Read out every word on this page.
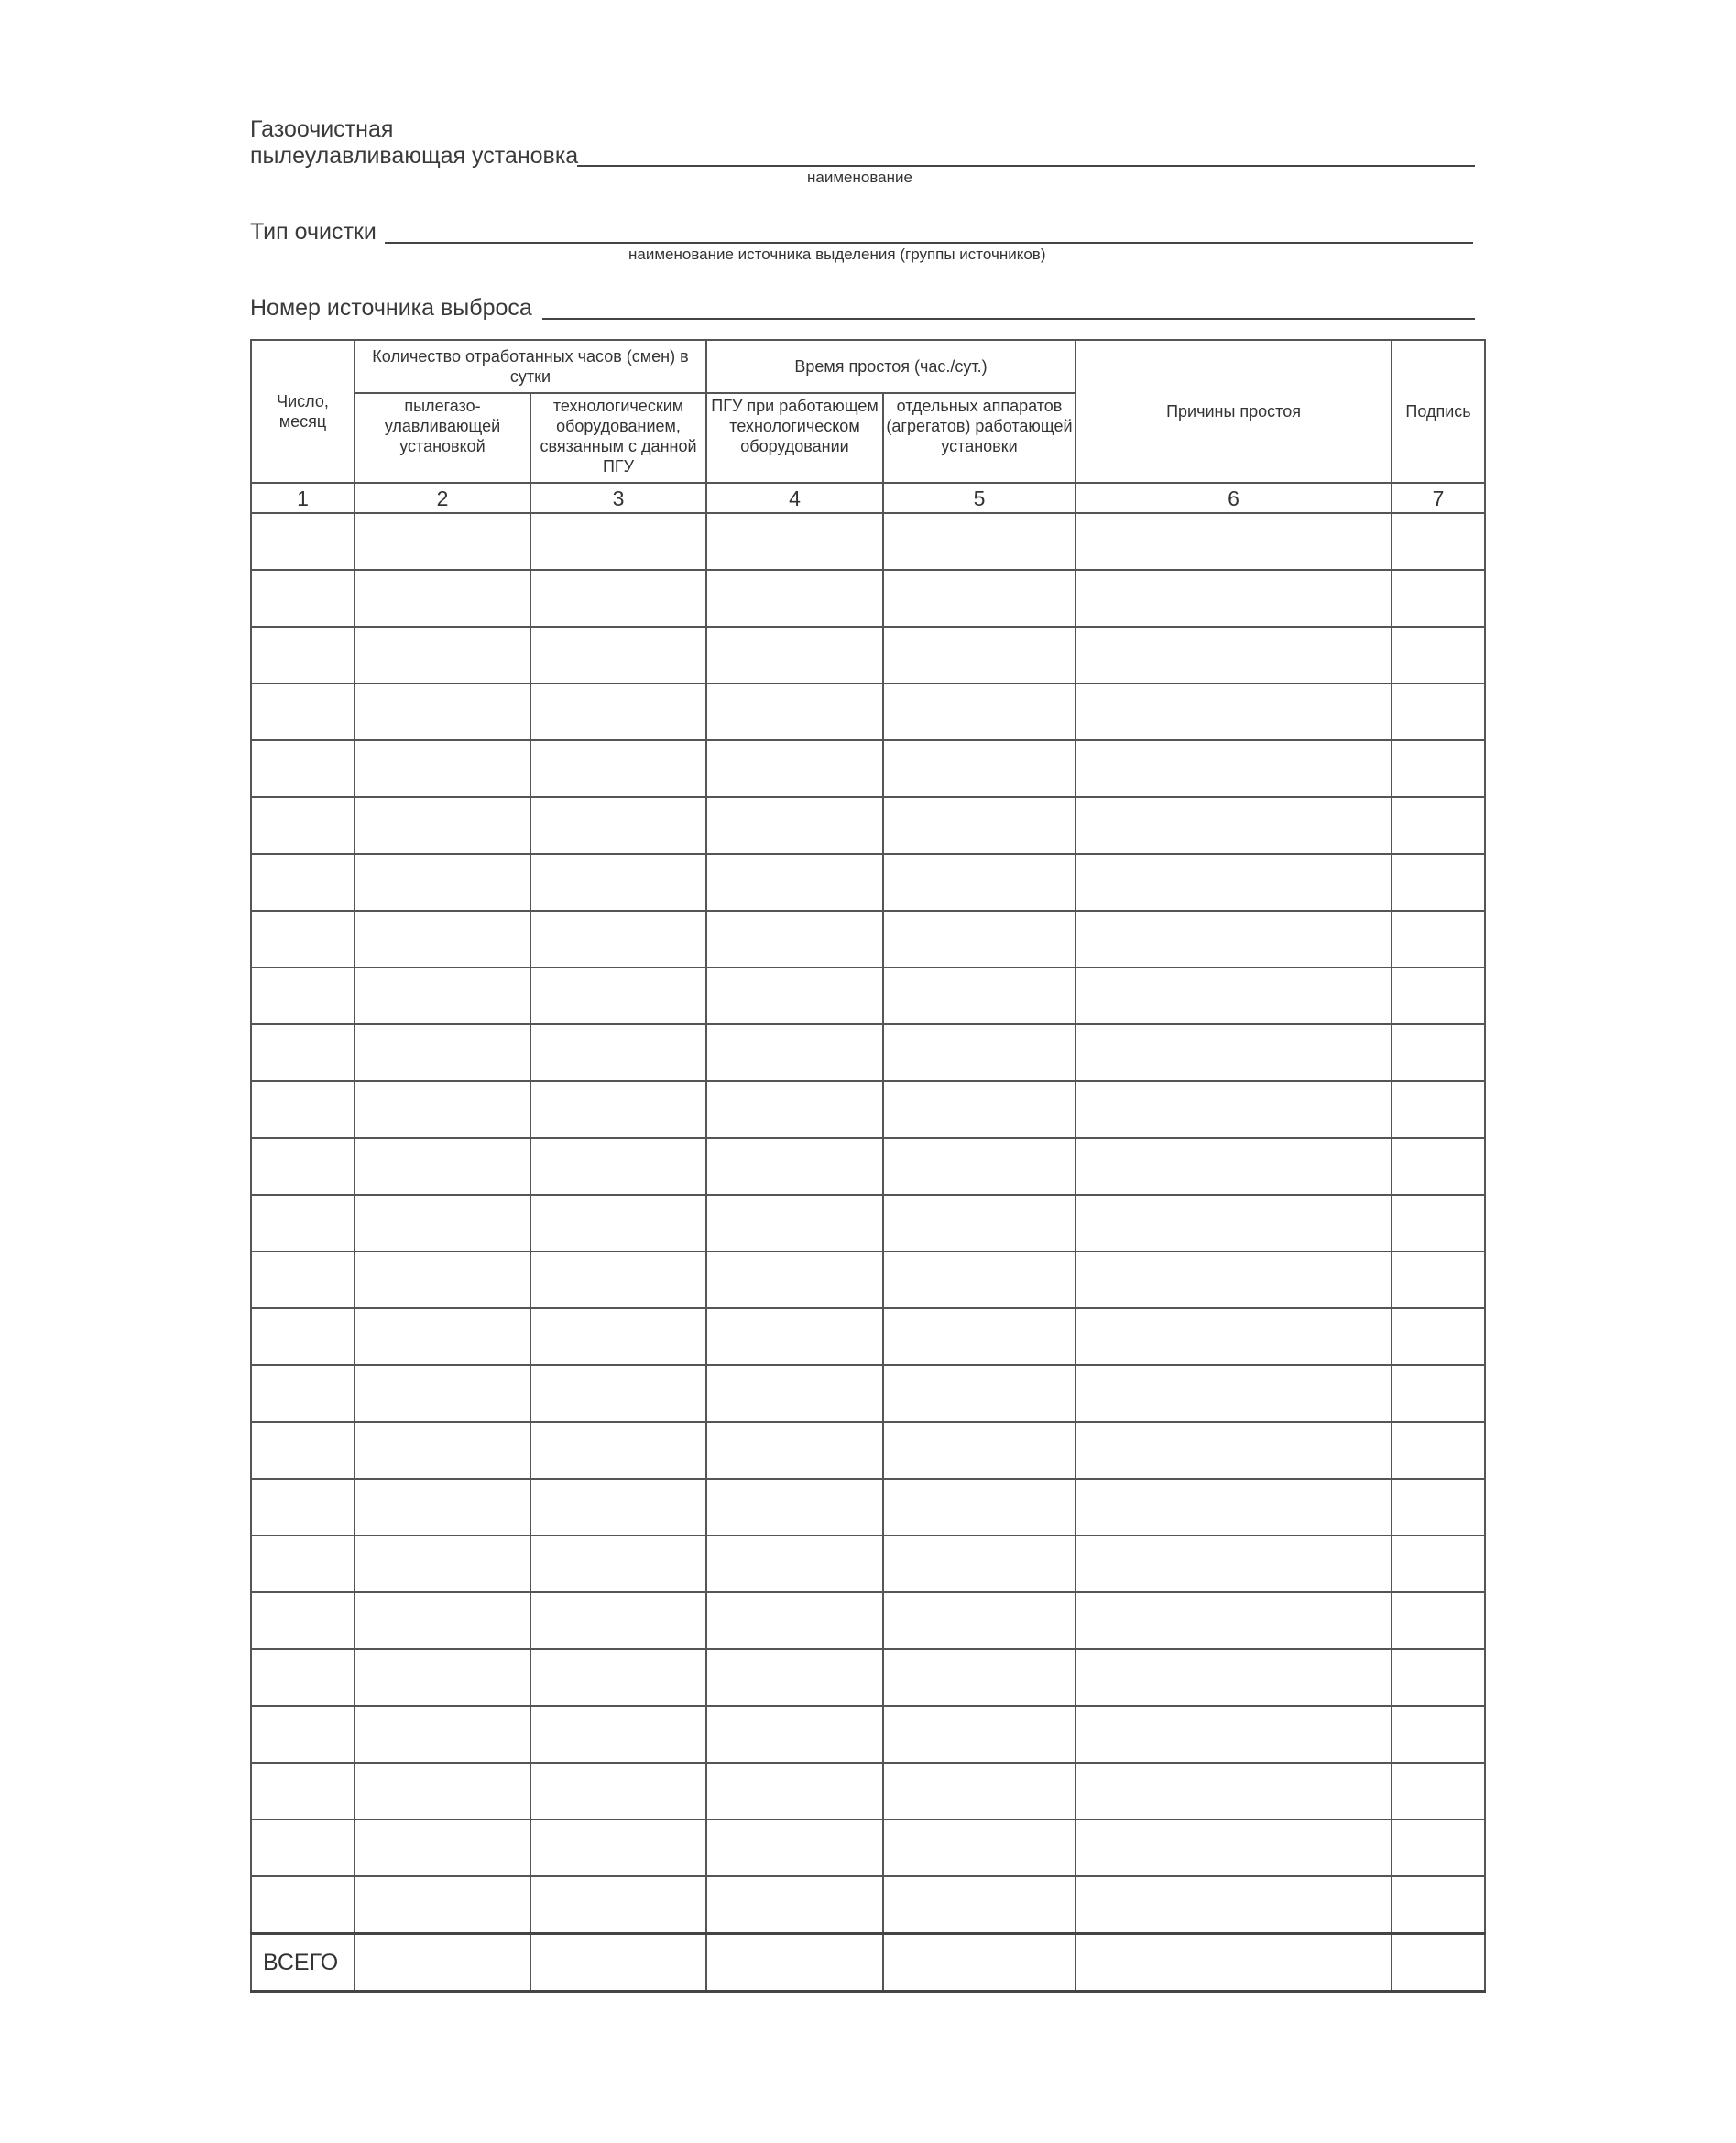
Газоочистная
пылеулавливающая установка
наименование
Тип очистки
наименование источника выделения (группы источников)
Номер источника выброса
Число, месяц	Количество отработанных часов (смен) в сутки		Время простоя (час./сут.)		Причины простоя	Подпись
	пылегазо-улавливающей установкой	технологическим оборудованием, связанным с данной ПГУ	ПГУ при работающем технологическом оборудовании	отдельных аппаратов (агрегатов) работающей установки		
1	2	3	4	5	6	7

ВСЕГО						
